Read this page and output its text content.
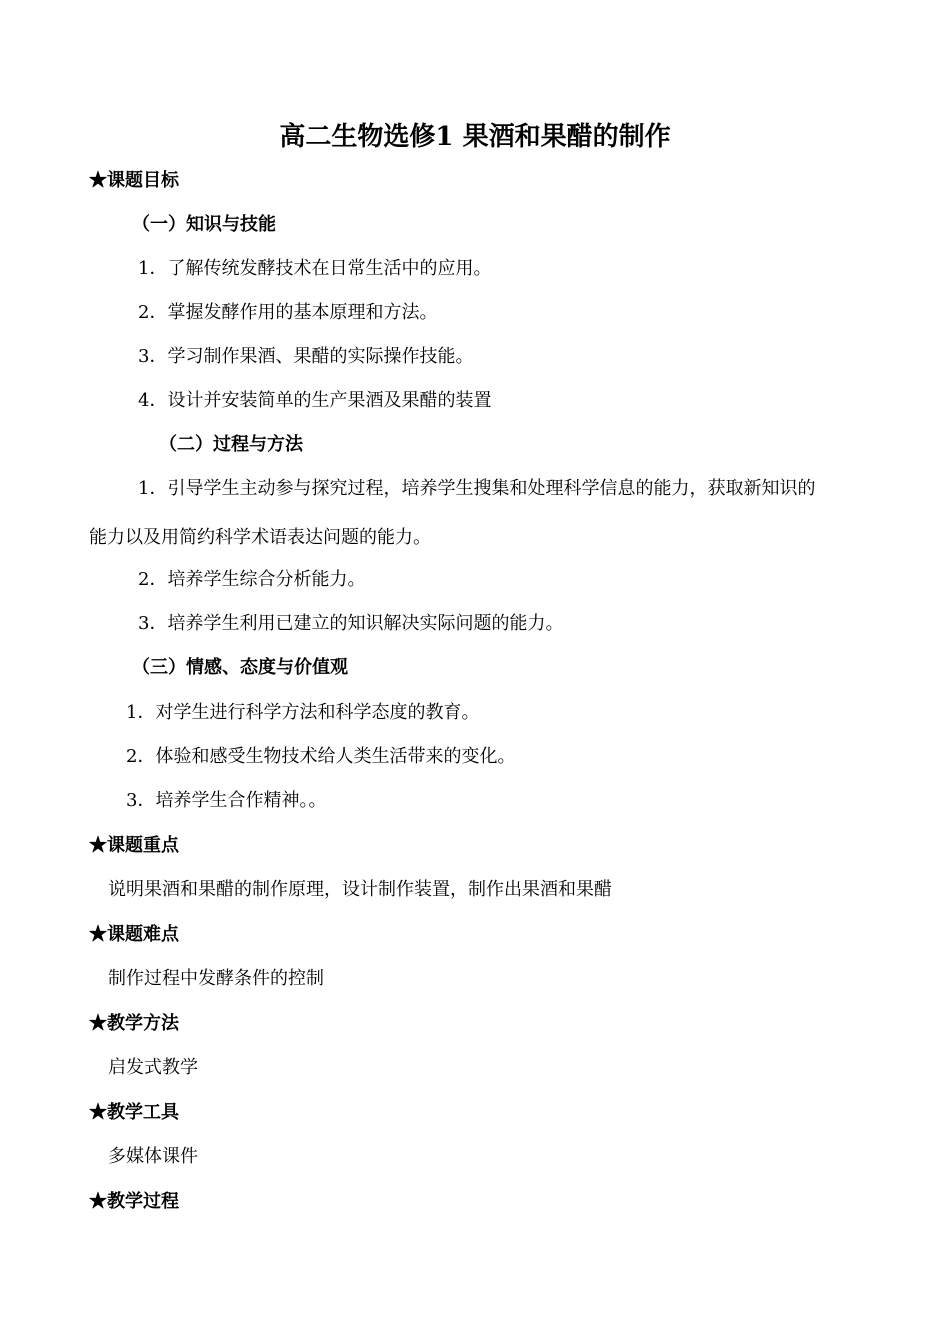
高二生物选修1 果酒和果醋的制作
★课题目标
（一）知识与技能
1．了解传统发酵技术在日常生活中的应用。
2．掌握发酵作用的基本原理和方法。
3．学习制作果酒、果醋的实际操作技能。
4．设计并安装简单的生产果酒及果醋的装置
（二）过程与方法
1．引导学生主动参与探究过程，培养学生搜集和处理科学信息的能力，获取新知识的
能力以及用简约科学术语表达问题的能力。
2．培养学生综合分析能力。
3．培养学生利用已建立的知识解决实际问题的能力。
（三）情感、态度与价值观
1．对学生进行科学方法和科学态度的教育。
2．体验和感受生物技术给人类生活带来的变化。
3．培养学生合作精神。。
★课题重点
说明果酒和果醋的制作原理，设计制作装置，制作出果酒和果醋
★课题难点
制作过程中发酵条件的控制
★教学方法
启发式教学
★教学工具
多媒体课件
★教学过程
